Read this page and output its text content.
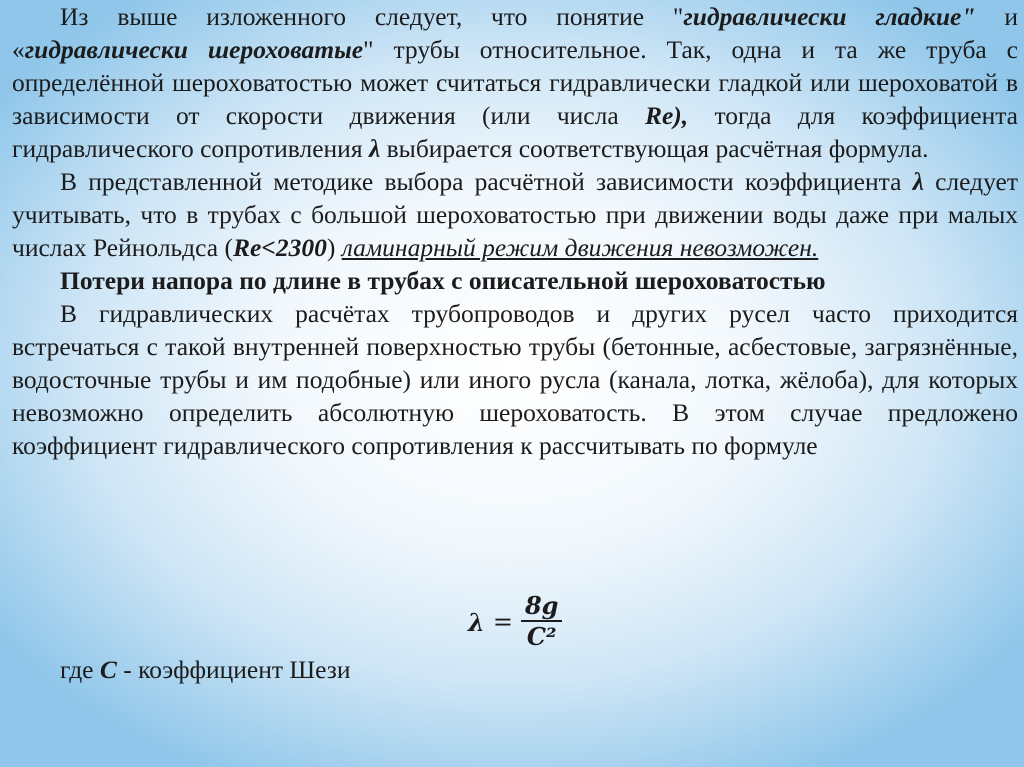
Из выше изложенного следует, что понятие "гидравлически гладкие" и «гидравлически шероховатые" трубы относительное. Так, одна и та же труба с определённой шероховатостью может считаться гидравлически гладкой или шероховатой в зависимости от скорости движения (или числа Re), тогда для коэффициента гидравлического сопротивления λ выбирается соответствующая расчётная формула.

В представленной методике выбора расчётной зависимости коэффициента λ следует учитывать, что в трубах с большой шероховатостью при движении воды даже при малых числах Рейнольдса (Re<2300) ламинарный режим движения невозможен.

Потери напора по длине в трубах с описательной шероховатостью

В гидравлических расчётах трубопроводов и других русел часто приходится встречаться с такой внутренней поверхностью трубы (бетонные, асбестовые, загрязнённые, водосточные трубы и им подобные) или иного русла (канала, лотка, жёлоба), для которых невозможно определить абсолютную шероховатость. В этом случае предложено коэффициент гидравлического сопротивления к рассчитывать по формуле

$\lambda = \frac{8g}{\text{C²}}$
где C - коэффициент Шези
